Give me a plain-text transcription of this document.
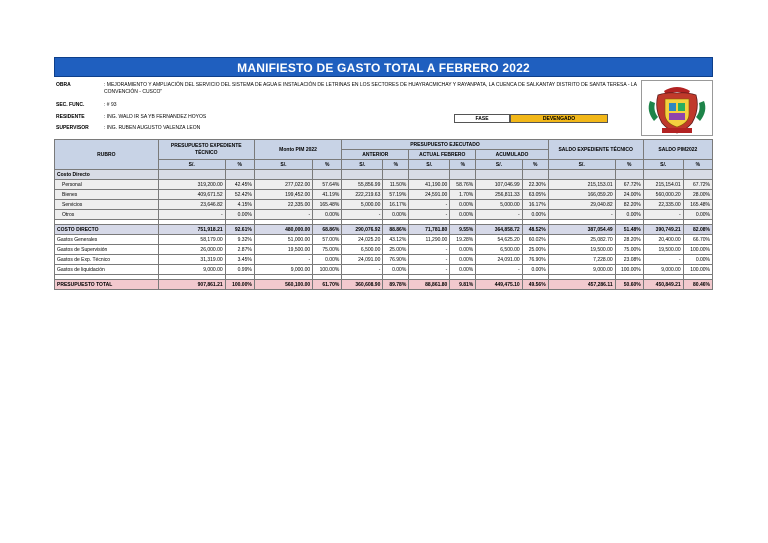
MANIFIESTO DE GASTO TOTAL A FEBRERO 2022
OBRA	: MEJORAMIENTO Y AMPLIACIÓN DEL SERVICIO DEL SISTEMA DE AGUA E INSTALACIÓN DE LETRINAS EN LOS SECTORES DE HUAYRACMICHAY Y RAYANPATA, LA CUENCA DE SALKANTAY DISTRITO DE SANTA TERESA - LA CONVENCIÓN - CUSCO"
SEC. FUNC.	: # 93
RESIDENTE	: ING. WALD IR SA YB FERNANDEZ HOYOS
SUPERVISOR	: ING. RUBEN AUGUSTO VALENZA LEON
FASE	DEVENGADO
RUBRO	PRESUPUESTO EXPEDIENTE TÉCNICO		Monto PIM 2022		PRESUPUESTO EJECUTADO						SALDO EXPEDIENTE TÉCNICO		SALDO PIM2022	
					ANTERIOR		ACTUAL FEBRERO		ACUMULADO					
	S/.	%	S/.	%	S/.	%	S/.	%	S/.	%	S/.	%	S/.	%
Costo Directo														
Personal	319,200.00	42.45%	277,022.00	57.64%	55,856.99	11.50%	41,190.00	58.76%	107,046.99	22.30%	215,153.01	67.72%	215,154.01	67.72%
Bienes	409,671.52	52.42%	199,452.00	41.19%	222,219.63	57.19%	24,591.00	1.70%	256,811.33	63.05%	166,059.20	24.00%	560,000.20	28.00%
Servicios	23,646.82	4.15%	22,335.00	165.48%	5,000.00	16.17%	-	0.00%	5,000.00	16.17%	29,040.82	82.20%	22,335.00	165.48%
Otros	-	0.00%	-	0.00%	-	0.00%	-	0.00%	-	0.00%	-	0.00%	-	0.00%

COSTO DIRECTO	751,918.21	92.61%	480,000.00	68.86%	290,076.92	88.86%	71,781.80	9.55%	364,858.72	48.52%	387,054.49	51.48%	390,749.21	82.08%
Gastos Generales	58,179.00	9.32%	51,000.00	57.00%	24,025.20	43.12%	11,290.00	19.28%	54,625.20	60.02%	25,082.70	28.20%	20,400.00	66.70%
Gastos de Supervisión	26,000.00	2.87%	19,500.00	75.00%	6,500.00	25.00%	-	0.00%	6,500.00	25.00%	19,500.00	75.00%	19,500.00	100.00%
Gastos de Exp. Técnico	31,319.00	3.45%	-	0.00%	24,091.00	76.90%	-	0.00%	24,091.00	76.90%	7,228.00	23.08%	-	0.00%
Gastos de liquidación	9,000.00	0.99%	9,000.00	100.00%	-	0.00%	-	0.00%	-	0.00%	9,000.00	100.00%	9,000.00	100.00%

PRESUPUESTO TOTAL	907,861.21	100.00%	560,100.00	61.70%	360,608.90	89.78%	88,861.80	9.81%	449,475.10	49.56%	457,286.11	50.60%	450,849.21	80.46%
